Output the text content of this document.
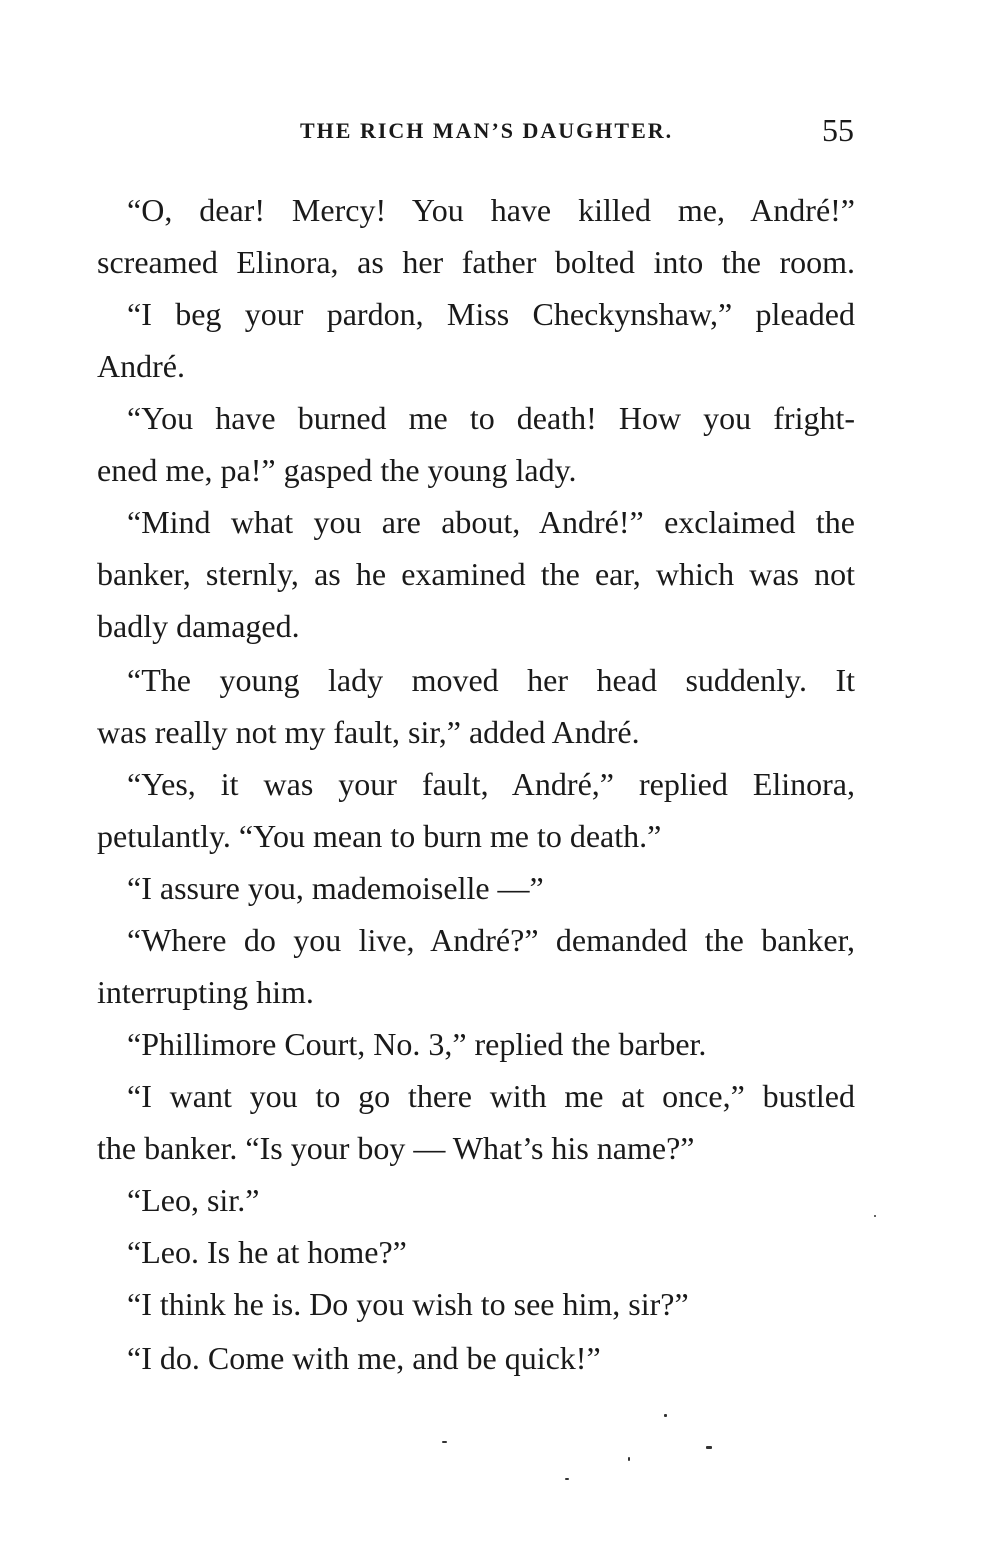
THE RICH MAN’S DAUGHTER.	55
“O, dear! Mercy! You have killed me, André!”
screamed Elinora, as her father bolted into the room.
“I beg your pardon, Miss Checkynshaw,” pleaded
André.
“You have burned me to death! How you fright-
ened me, pa!” gasped the young lady.
“Mind what you are about, André!” exclaimed the
banker, sternly, as he examined the ear, which was not
badly damaged.
“The young lady moved her head suddenly. It
was really not my fault, sir,” added André.
“Yes, it was your fault, André,” replied Elinora,
petulantly. “You mean to burn me to death.”
“I assure you, mademoiselle —”
“Where do you live, André?” demanded the banker,
interrupting him.
“Phillimore Court, No. 3,” replied the barber.
“I want you to go there with me at once,” bustled
the banker. “Is your boy — What’s his name?”
“Leo, sir.”
“Leo. Is he at home?”
“I think he is. Do you wish to see him, sir?”
“I do. Come with me, and be quick!”
